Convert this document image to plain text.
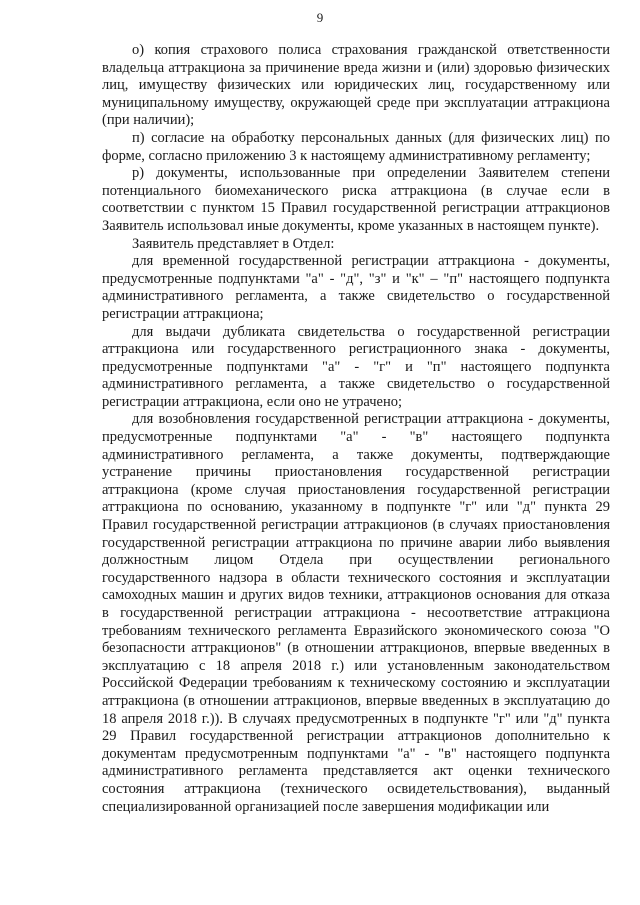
9

о) копия страхового полиса страхования гражданской ответственности владельца аттракциона за причинение вреда жизни и (или) здоровью физических лиц, имуществу физических или юридических лиц, государственному или муниципальному имуществу, окружающей среде при эксплуатации аттракциона (при наличии);

п) согласие на обработку персональных данных (для физических лиц) по форме, согласно приложению 3 к настоящему административному регламенту;

р) документы, использованные при определении Заявителем степени потенциального биомеханического риска аттракциона (в случае если в соответствии с пунктом 15 Правил государственной регистрации аттракционов Заявитель использовал иные документы, кроме указанных в настоящем пункте).

Заявитель представляет в Отдел:

для временной государственной регистрации аттракциона - документы, предусмотренные подпунктами "а" - "д", "з" и "к" – "п" настоящего подпункта административного регламента, а также свидетельство о государственной регистрации аттракциона;

для выдачи дубликата свидетельства о государственной регистрации аттракциона или государственного регистрационного знака - документы, предусмотренные подпунктами "а" - "г" и "п" настоящего подпункта административного регламента, а также свидетельство о государственной регистрации аттракциона, если оно не утрачено;

для возобновления государственной регистрации аттракциона - документы, предусмотренные подпунктами "а" - "в" настоящего подпункта административного регламента, а также документы, подтверждающие устранение причины приостановления государственной регистрации аттракциона (кроме случая приостановления государственной регистрации аттракциона по основанию, указанному в подпункте "г" или "д" пункта 29 Правил государственной регистрации аттракционов (в случаях приостановления государственной регистрации аттракциона по причине аварии либо выявления должностным лицом Отдела при осуществлении регионального государственного надзора в области технического состояния и эксплуатации самоходных машин и других видов техники, аттракционов основания для отказа в государственной регистрации аттракциона - несоответствие аттракциона требованиям технического регламента Евразийского экономического союза "О безопасности аттракционов" (в отношении аттракционов, впервые введенных в эксплуатацию с 18 апреля 2018 г.) или установленным законодательством Российской Федерации требованиям к техническому состоянию и эксплуатации аттракциона (в отношении аттракционов, впервые введенных в эксплуатацию до 18 апреля 2018 г.)). В случаях предусмотренных в подпункте "г" или "д" пункта 29 Правил государственной регистрации аттракционов дополнительно к документам предусмотренным подпунктами "а" - "в" настоящего подпункта административного регламента представляется акт оценки технического состояния аттракциона (технического освидетельствования), выданный специализированной организацией после завершения модификации или
